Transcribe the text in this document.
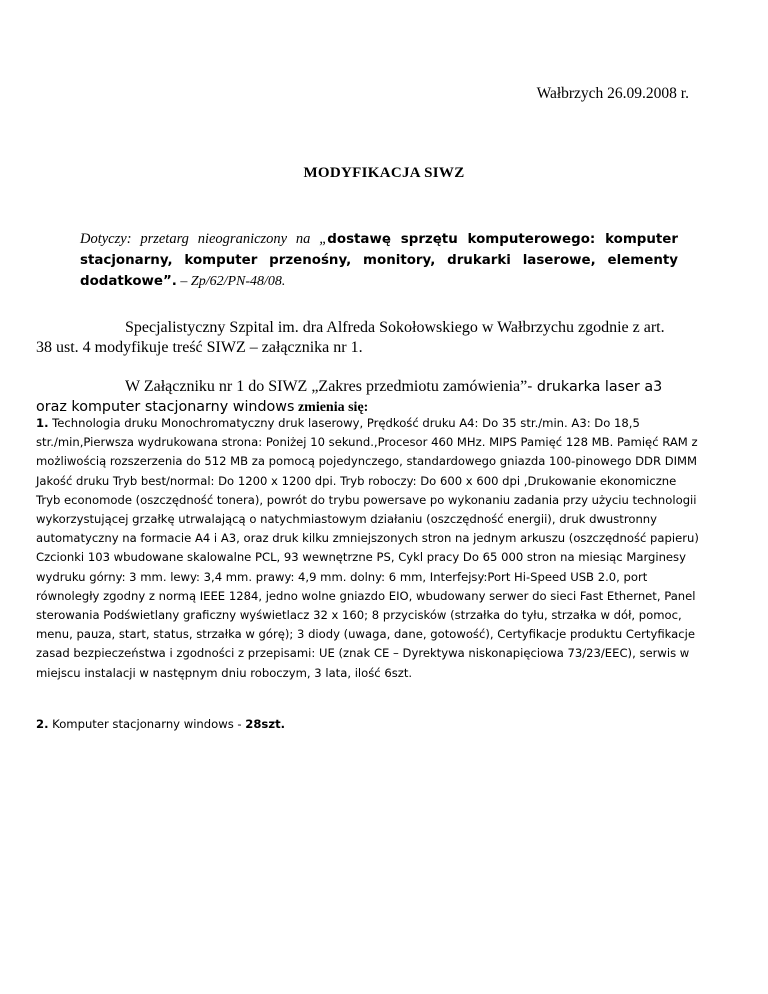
Wałbrzych 26.09.2008 r.
MODYFIKACJA SIWZ
Dotyczy: przetarg nieograniczony na „dostawę sprzętu komputerowego: komputer stacjonarny, komputer przenośny, monitory, drukarki laserowe, elementy dodatkowe”. – Zp/62/PN-48/08.
Specjalistyczny Szpital im. dra Alfreda Sokołowskiego w Wałbrzychu zgodnie z art. 38 ust. 4 modyfikuje treść SIWZ – załącznika nr 1.
W Załączniku nr 1 do SIWZ „Zakres przedmiotu zamówienia”- drukarka laser a3 oraz komputer stacjonarny windows zmienia się:
1. Technologia druku Monochromatyczny druk laserowy, Prędkość druku A4: Do 35 str./min. A3: Do 18,5 str./min,Pierwsza wydrukowana strona: Poniżej 10 sekund.,Procesor 460 MHz. MIPS Pamięć 128 MB. Pamięć RAM z możliwością rozszerzenia do 512 MB za pomocą pojedynczego, standardowego gniazda 100-pinowego DDR DIMM Jakość druku Tryb best/normal: Do 1200 x 1200 dpi. Tryb roboczy: Do 600 x 600 dpi ,Drukowanie ekonomiczne Tryb economode (oszczędność tonera), powrót do trybu powersave po wykonaniu zadania przy użyciu technologii wykorzystującej grzałkę utrwalającą o natychmiastowym działaniu (oszczędność energii), druk dwustronny automatyczny na formacie A4 i A3, oraz druk kilku zmniejszonych stron na jednym arkuszu (oszczędność papieru) Czcionki 103 wbudowane skalowalne PCL, 93 wewnętrzne PS, Cykl pracy Do 65 000 stron na miesiąc Marginesy wydruku górny: 3 mm. lewy: 3,4 mm. prawy: 4,9 mm. dolny: 6 mm, Interfejsy:Port Hi-Speed USB 2.0, port równoległy zgodny z normą IEEE 1284, jedno wolne gniazdo EIO, wbudowany serwer do sieci Fast Ethernet, Panel sterowania Podświetlany graficzny wyświetlacz 32 x 160; 8 przycisków (strzałka do tyłu, strzałka w dół, pomoc, menu, pauza, start, status, strzałka w górę); 3 diody (uwaga, dane, gotowość), Certyfikacje produktu Certyfikacje zasad bezpieczeństwa i zgodności z przepisami: UE (znak CE – Dyrektywa niskonapięciowa 73/23/EEC), serwis w miejscu instalacji w następnym dniu roboczym, 3 lata, ilość 6szt.
2. Komputer stacjonarny windows - 28szt.
